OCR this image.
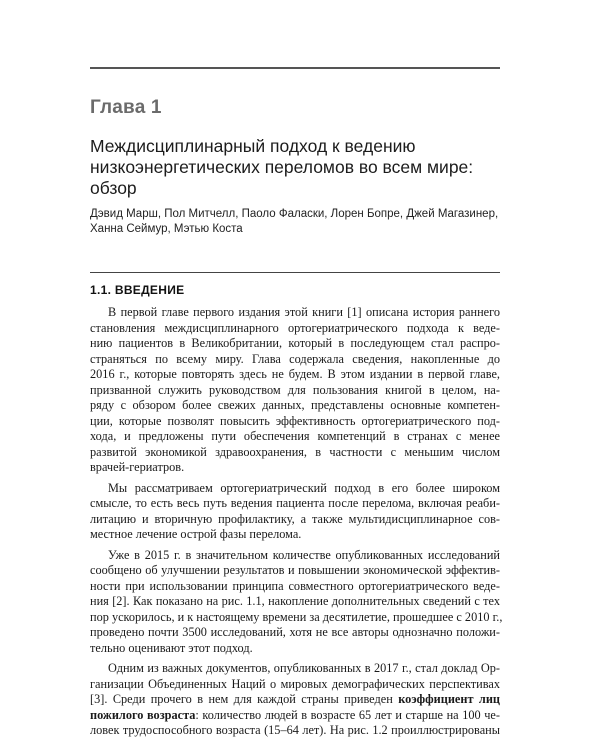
Глава 1
Междисциплинарный подход к ведению
низкоэнергетических переломов во всем мире:
обзор

Дэвид Марш, Пол Митчелл, Паоло Фаласки, Лорен Бопре, Джей Магазинер,
Ханна Сеймур, Мэтью Коста

1.1. ВВЕДЕНИЕ
В первой главе первого издания этой книги [1] описана история раннего
становления междисциплинарного ортогериатрического подхода к веде-
нию пациентов в Великобритании, который в последующем стал распро-
страняться по всему миру. Глава содержала сведения, накопленные до
2016 г., которые повторять здесь не будем. В этом издании в первой главе,
призванной служить руководством для пользования книгой в целом, на-
ряду с обзором более свежих данных, представлены основные компетен-
ции, которые позволят повысить эффективность ортогериатрического под-
хода, и предложены пути обеспечения компетенций в странах с менее
развитой экономикой здравоохранения, в частности с меньшим числом
врачей-гериатров.
Мы рассматриваем ортогериатрический подход в его более широком
смысле, то есть весь путь ведения пациента после перелома, включая реаби-
литацию и вторичную профилактику, а также мультидисциплинарное сов-
местное лечение острой фазы перелома.
Уже в 2015 г. в значительном количестве опубликованных исследований
сообщено об улучшении результатов и повышении экономической эффектив-
ности при использовании принципа совместного ортогериатрического веде-
ния [2]. Как показано на рис. 1.1, накопление дополнительных сведений с тех
пор ускорилось, и к настоящему времени за десятилетие, прошедшее с 2010 г.,
проведено почти 3500 исследований, хотя не все авторы однозначно положи-
тельно оценивают этот подход.
Одним из важных документов, опубликованных в 2017 г., стал доклад Ор-
ганизации Объединенных Наций о мировых демографических перспективах
[3]. Среди прочего в нем для каждой страны приведен коэффициент лиц
пожилого возраста: количество людей в возрасте 65 лет и старше на 100 че-
ловек трудоспособного возраста (15–64 лет). На рис. 1.2 проиллюстрированы
